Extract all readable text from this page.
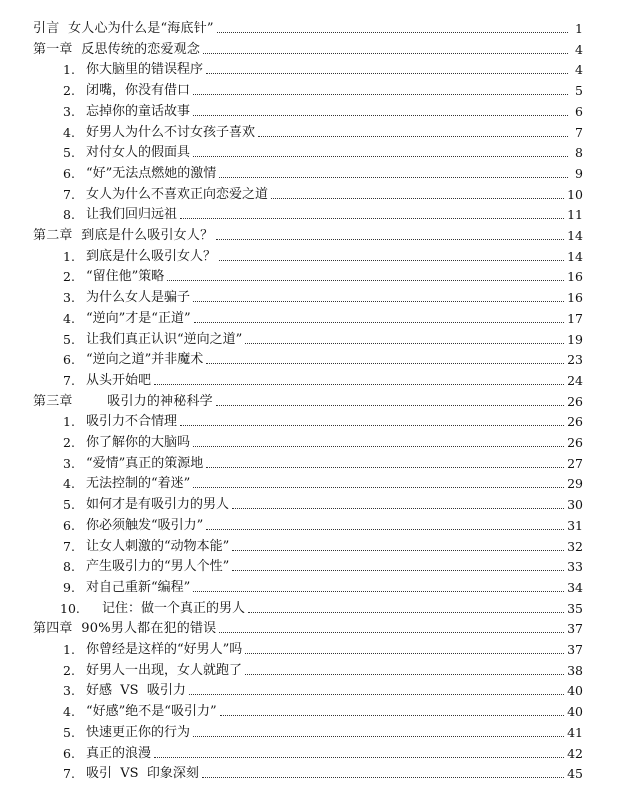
引言  女人心为什么是“海底针”	1
第一章  反思传统的恋爱观念	4
1. 你大脑里的错误程序	4
2. 闭嘴，你没有借口	5
3. 忘掉你的童话故事	6
4. 好男人为什么不讨女孩子喜欢	7
5. 对付女人的假面具	8
6. “好”无法点燃她的激情	9
7. 女人为什么不喜欢正向恋爱之道	10
8. 让我们回归远祖	11
第二章  到底是什么吸引女人？	14
1. 到底是什么吸引女人？	14
2. “留住他”策略	16
3. 为什么女人是骗子	16
4. “逆向”才是“正道”	17
5. 让我们真正认识“逆向之道”	19
6. “逆向之道”并非魔术	23
7. 从头开始吧	24
第三章        吸引力的神秘科学	26
1. 吸引力不合情理	26
2. 你了解你的大脑吗	26
3. “爱情”真正的策源地	27
4. 无法控制的“着迷”	29
5. 如何才是有吸引力的男人	30
6. 你必须触发“吸引力”	31
7. 让女人刺激的“动物本能”	32
8. 产生吸引力的“男人个性”	33
9. 对自己重新“编程”	34
10.	记住：做一个真正的男人	35
第四章  90%男人都在犯的错误	37
1. 你曾经是这样的“好男人”吗	37
2. 好男人一出现，女人就跑了	38
3. 好感  VS  吸引力	40
4. “好感”绝不是“吸引力”	40
5. 快速更正你的行为	41
6. 真正的浪漫	42
7. 吸引  VS  印象深刻	45
